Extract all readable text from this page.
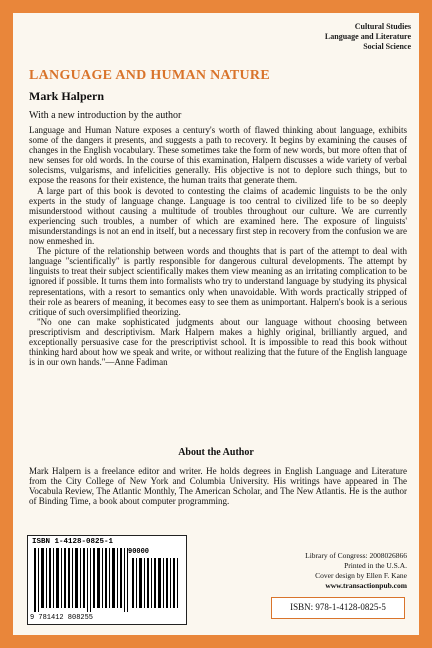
Cultural Studies
Language and Literature
Social Science
LANGUAGE AND HUMAN NATURE
Mark Halpern
With a new introduction by the author

Language and Human Nature exposes a century's worth of flawed thinking about language, exhibits some of the dangers it presents, and suggests a path to recovery. It begins by examining the causes of changes in the English vocabulary. These sometimes take the form of new words, but more often that of new senses for old words. In the course of this examination, Halpern discusses a wide variety of verbal solecisms, vulgarisms, and infelicities generally. His objective is not to deplore such things, but to expose the reasons for their existence, the human traits that generate them.

A large part of this book is devoted to contesting the claims of academic linguists to be the only experts in the study of language change. Language is too central to civilized life to be so deeply misunderstood without causing a multitude of troubles throughout our culture. We are currently experiencing such troubles, a number of which are examined here. The exposure of linguists' misunderstandings is not an end in itself, but a necessary first step in recovery from the confusion we are now enmeshed in.

The picture of the relationship between words and thoughts that is part of the attempt to deal with language "scientifically" is partly responsible for dangerous cultural developments. The attempt by linguists to treat their subject scientifically makes them view meaning as an irritating complication to be ignored if possible. It turns them into formalists who try to understand language by studying its physical representations, with a resort to semantics only when unavoidable. With words practically stripped of their role as bearers of meaning, it becomes easy to see them as unimportant. Halpern's book is a serious critique of such oversimplified theorizing.

"No one can make sophisticated judgments about our language without choosing between prescriptivism and descriptivism. Mark Halpern makes a highly original, brilliantly argued, and exceptionally persuasive case for the prescriptivist school. It is impossible to read this book without thinking hard about how we speak and write, or without realizing that the future of the English language is in our own hands."—Anne Fadiman

About the Author
Mark Halpern is a freelance editor and writer. He holds degrees in English Language and Literature from the City College of New York and Columbia University. His writings have appeared in The Vocabula Review, The Atlantic Monthly, The American Scholar, and The New Atlantis. He is the author of Binding Time, a book about computer programming.
ISBN 1-4128-0825-1
90000
9 781412 808255
Library of Congress: 2008026866
Printed in the U.S.A.
Cover design by Ellen F. Kane
www.transactionpub.com
ISBN: 978-1-4128-0825-5
